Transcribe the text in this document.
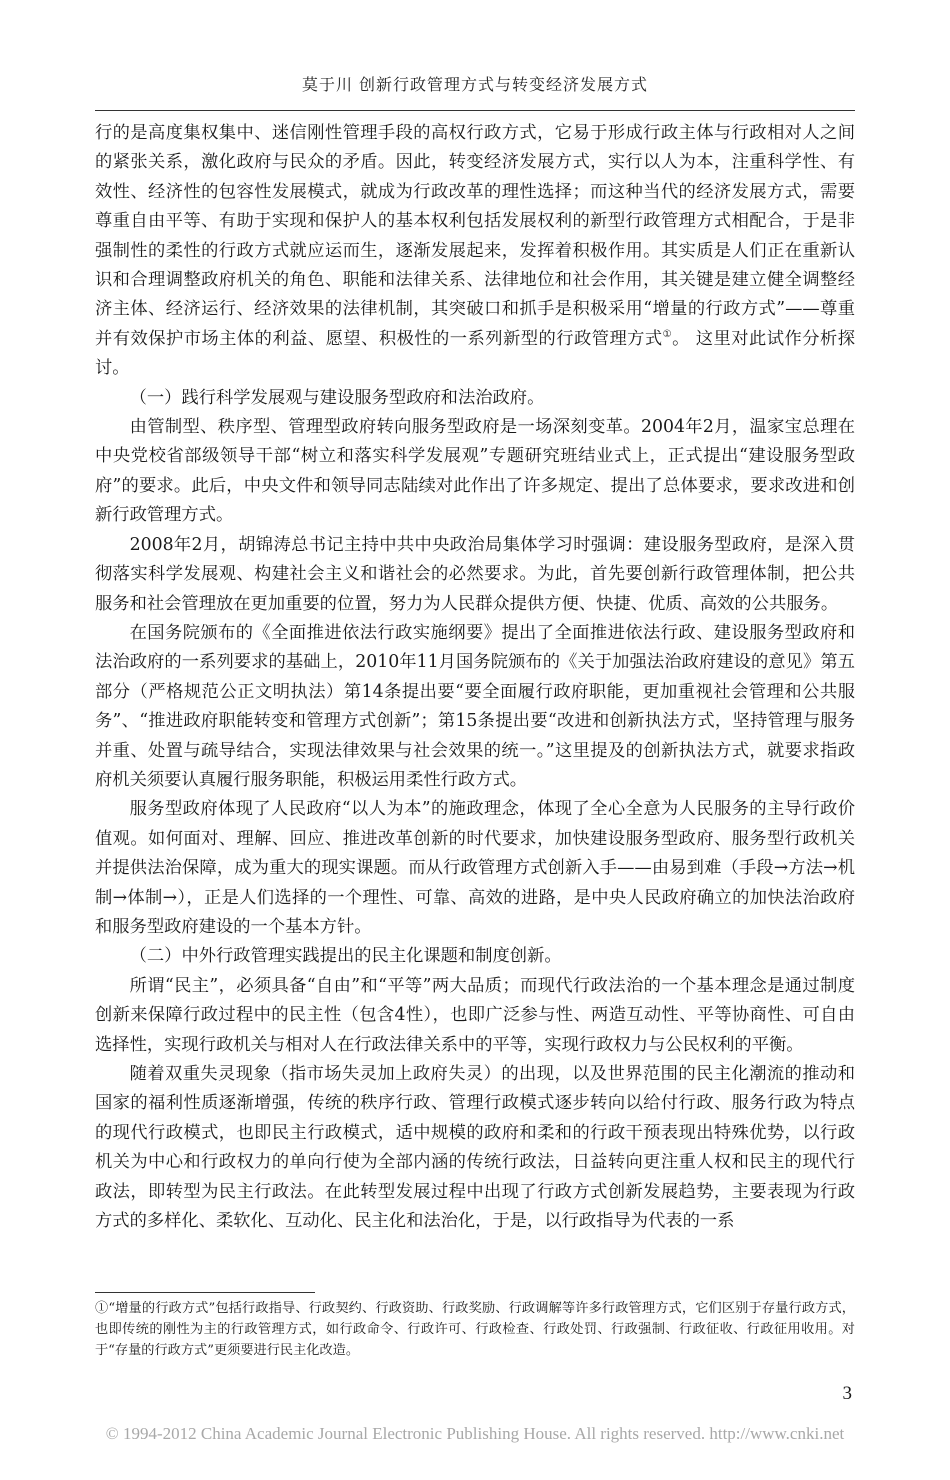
莫于川 创新行政管理方式与转变经济发展方式

行的是高度集权集中、迷信刚性管理手段的高权行政方式，它易于形成行政主体与行政相对人之间的紧张关系，激化政府与民众的矛盾。因此，转变经济发展方式，实行以人为本，注重科学性、有效性、经济性的包容性发展模式，就成为行政改革的理性选择；而这种当代的经济发展方式，需要尊重自由平等、有助于实现和保护人的基本权利包括发展权利的新型行政管理方式相配合，于是非强制性的柔性的行政方式就应运而生，逐渐发展起来，发挥着积极作用。其实质是人们正在重新认识和合理调整政府机关的角色、职能和法律关系、法律地位和社会作用，其关键是建立健全调整经济主体、经济运行、经济效果的法律机制，其突破口和抓手是积极采用“增量的行政方式”——尊重并有效保护市场主体的利益、愿望、积极性的一系列新型的行政管理方式①。 这里对此试作分析探讨。

（一）践行科学发展观与建设服务型政府和法治政府。

由管制型、秩序型、管理型政府转向服务型政府是一场深刻变革。2004年2月，温家宝总理在中央党校省部级领导干部“树立和落实科学发展观”专题研究班结业式上，正式提出“建设服务型政府”的要求。此后，中央文件和领导同志陆续对此作出了许多规定、提出了总体要求，要求改进和创新行政管理方式。

2008年2月，胡锦涛总书记主持中共中央政治局集体学习时强调：建设服务型政府，是深入贯彻落实科学发展观、构建社会主义和谐社会的必然要求。为此，首先要创新行政管理体制，把公共服务和社会管理放在更加重要的位置，努力为人民群众提供方便、快捷、优质、高效的公共服务。

在国务院颁布的《全面推进依法行政实施纲要》提出了全面推进依法行政、建设服务型政府和法治政府的一系列要求的基础上，2010年11月国务院颁布的《关于加强法治政府建设的意见》第五部分（严格规范公正文明执法）第14条提出要“要全面履行政府职能，更加重视社会管理和公共服务”、“推进政府职能转变和管理方式创新”；第15条提出要“改进和创新执法方式，坚持管理与服务并重、处置与疏导结合，实现法律效果与社会效果的统一。”这里提及的创新执法方式，就要求指政府机关须要认真履行服务职能，积极运用柔性行政方式。

服务型政府体现了人民政府“以人为本”的施政理念，体现了全心全意为人民服务的主导行政价值观。如何面对、理解、回应、推进改革创新的时代要求，加快建设服务型政府、服务型行政机关并提供法治保障，成为重大的现实课题。而从行政管理方式创新入手——由易到难（手段→方法→机制→体制→），正是人们选择的一个理性、可靠、高效的进路，是中央人民政府确立的加快法治政府和服务型政府建设的一个基本方针。

（二）中外行政管理实践提出的民主化课题和制度创新。

所谓“民主”，必须具备“自由”和“平等”两大品质；而现代行政法治的一个基本理念是通过制度创新来保障行政过程中的民主性（包含4性），也即广泛参与性、两造互动性、平等协商性、可自由选择性，实现行政机关与相对人在行政法律关系中的平等，实现行政权力与公民权利的平衡。

随着双重失灵现象（指市场失灵加上政府失灵）的出现，以及世界范围的民主化潮流的推动和国家的福利性质逐渐增强，传统的秩序行政、管理行政模式逐步转向以给付行政、服务行政为特点的现代行政模式，也即民主行政模式，适中规模的政府和柔和的行政干预表现出特殊优势，以行政机关为中心和行政权力的单向行使为全部内涵的传统行政法，日益转向更注重人权和民主的现代行政法，即转型为民主行政法。在此转型发展过程中出现了行政方式创新发展趋势，主要表现为行政方式的多样化、柔软化、互动化、民主化和法治化，于是，以行政指导为代表的一系

①“增量的行政方式”包括行政指导、行政契约、行政资助、行政奖励、行政调解等许多行政管理方式，它们区别于存量行政方式，也即传统的刚性为主的行政管理方式，如行政命令、行政许可、行政检查、行政处罚、行政强制、行政征收、行政征用收用。对于“存量的行政方式”更须要进行民主化改造。

3
© 1994-2012 China Academic Journal Electronic Publishing House. All rights reserved. http://www.cnki.net
